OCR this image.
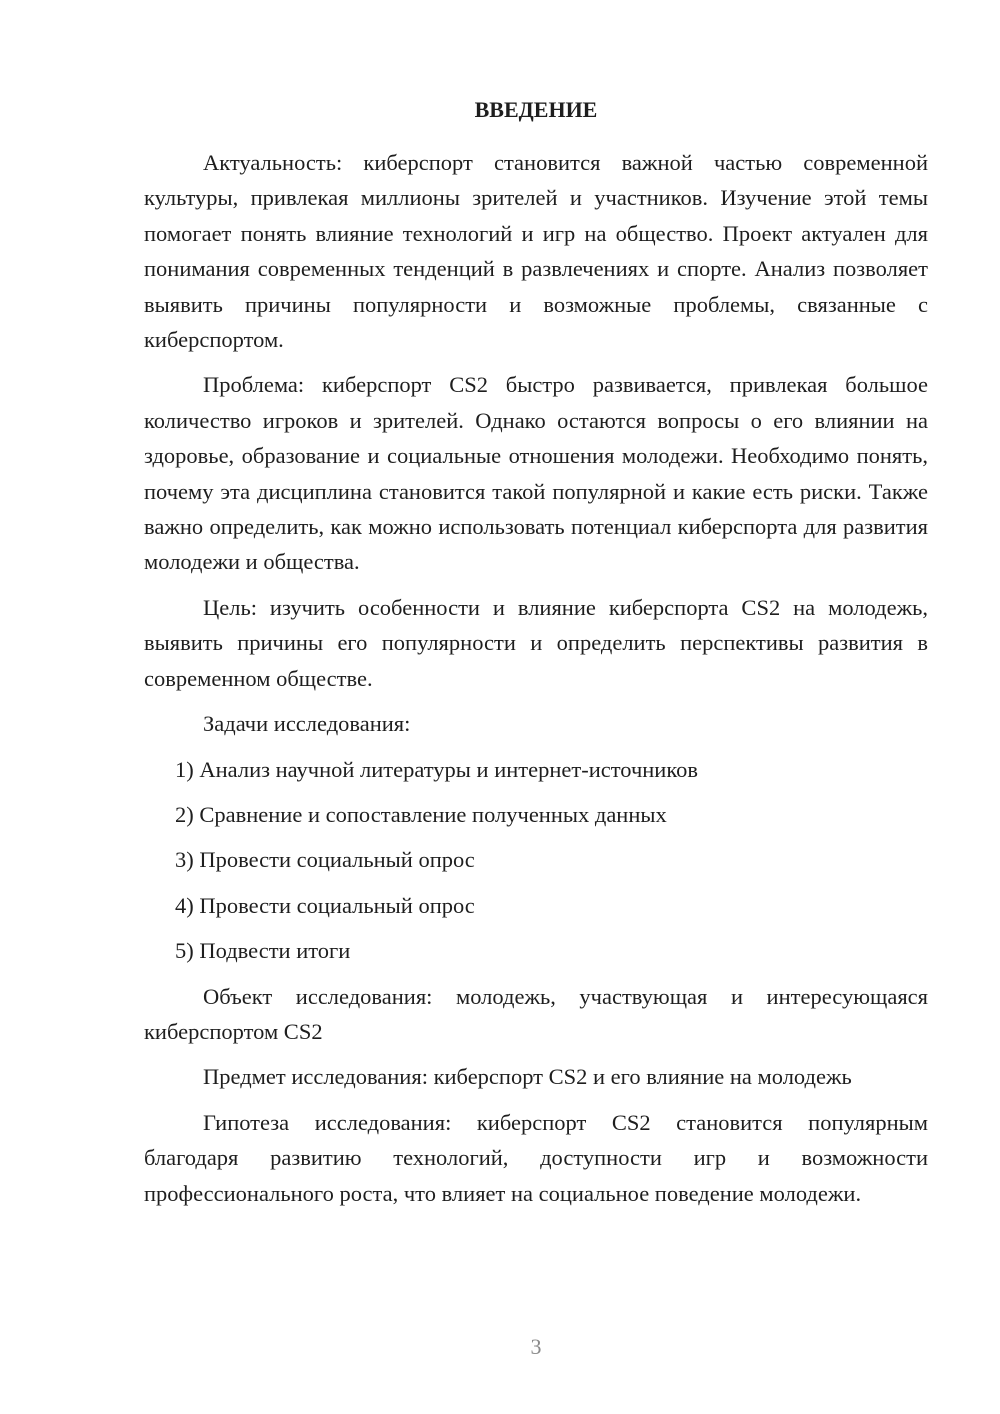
ВВЕДЕНИЕ

Актуальность: киберспорт становится важной частью современной культуры, привлекая миллионы зрителей и участников. Изучение этой темы помогает понять влияние технологий и игр на общество. Проект актуален для понимания современных тенденций в развлечениях и спорте. Анализ позволяет выявить причины популярности и возможные проблемы, связанные с киберспортом.

Проблема: киберспорт CS2 быстро развивается, привлекая большое количество игроков и зрителей. Однако остаются вопросы о его влиянии на здоровье, образование и социальные отношения молодежи. Необходимо понять, почему эта дисциплина становится такой популярной и какие есть риски. Также важно определить, как можно использовать потенциал киберспорта для развития молодежи и общества.

Цель: изучить особенности и влияние киберспорта CS2 на молодежь, выявить причины его популярности и определить перспективы развития в современном обществе.

Задачи исследования:

1) Анализ научной литературы и интернет-источников
2) Сравнение и сопоставление полученных данных
3) Провести социальный опрос
4) Провести социальный опрос
5) Подвести итоги

Объект исследования: молодежь, участвующая и интересующаяся киберспортом CS2

Предмет исследования: киберспорт CS2 и его влияние на молодежь

Гипотеза исследования: киберспорт CS2 становится популярным благодаря развитию технологий, доступности игр и возможности профессионального роста, что влияет на социальное поведение молодежи.

3
